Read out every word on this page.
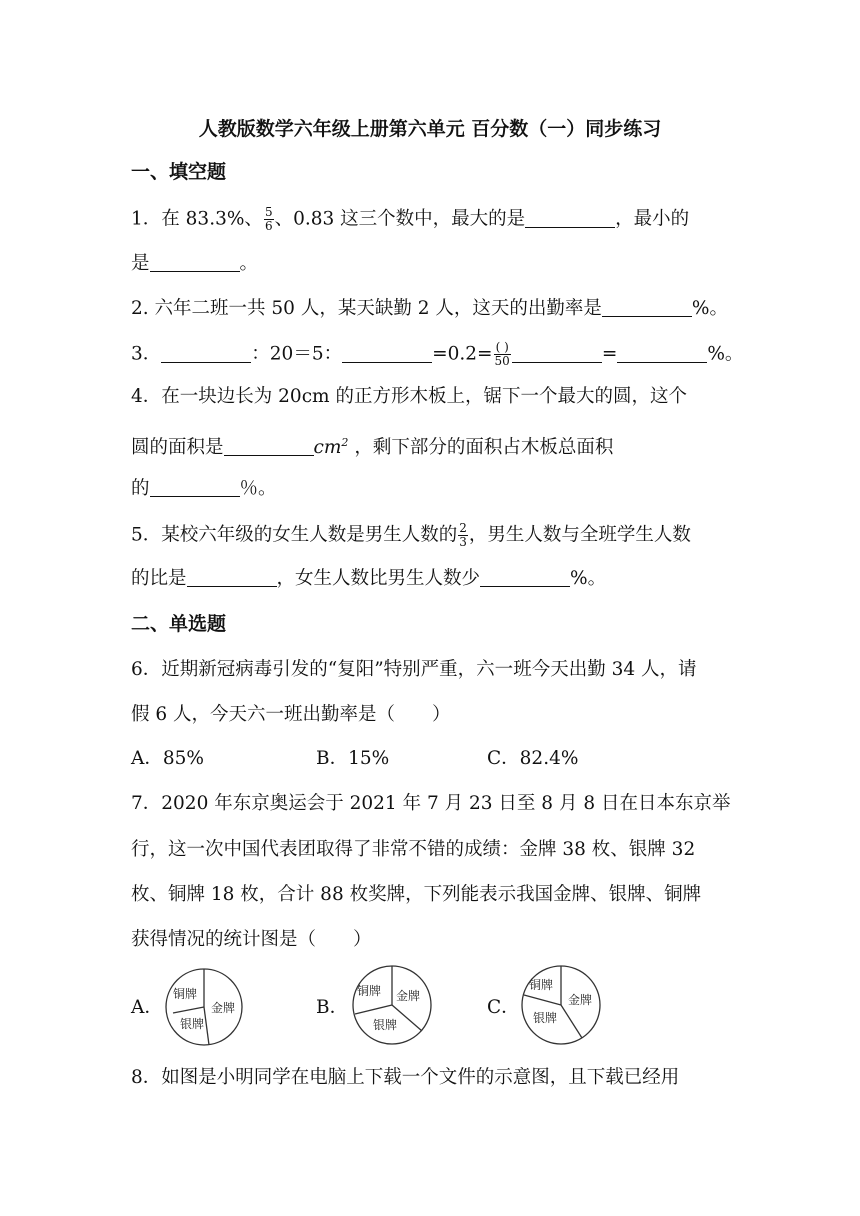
人教版数学六年级上册第六单元 百分数（一）同步练习
一、填空题
1．在 83.3%、 $\frac{5}{6}$ 、0.83 这三个数中，最大的是	，最小的
是	。
2. 六年二班一共 50 人，某天缺勤 2 人，这天的出勤率是	%。
3．	：20＝5：	$=0.2= \frac{( )}{50}$	=	%。
4．在一块边长为 20cm 的正方形木板上，锯下一个最大的圆，这个
圆的面积是	$cm^2$ ，剩下部分的面积占木板总面积
的	％。
5．某校六年级的女生人数是男生人数的 $\frac{2}{3}$ ，男生人数与全班学生人数
的比是	，女生人数比男生人数少	%。
二、单选题
6．近期新冠病毒引发的“复阳”特别严重，六一班今天出勤 34 人，请
假 6 人，今天六一班出勤率是（　　）
A．85%	B．15%	C．82.4%
7．2020 年东京奥运会于 2021 年 7 月 23 日至 8 月 8 日在日本东京举
行，这一次中国代表团取得了非常不错的成绩：金牌 38 枚、银牌 32
枚、铜牌 18 枚，合计 88 枚奖牌，下列能表示我国金牌、银牌、铜牌
获得情况的统计图是（　　）
A．
铜牌
金牌
银牌
B．
铜牌 金牌
银牌
C．
铜牌
金牌
银牌
8．如图是小明同学在电脑上下载一个文件的示意图，且下载已经用
